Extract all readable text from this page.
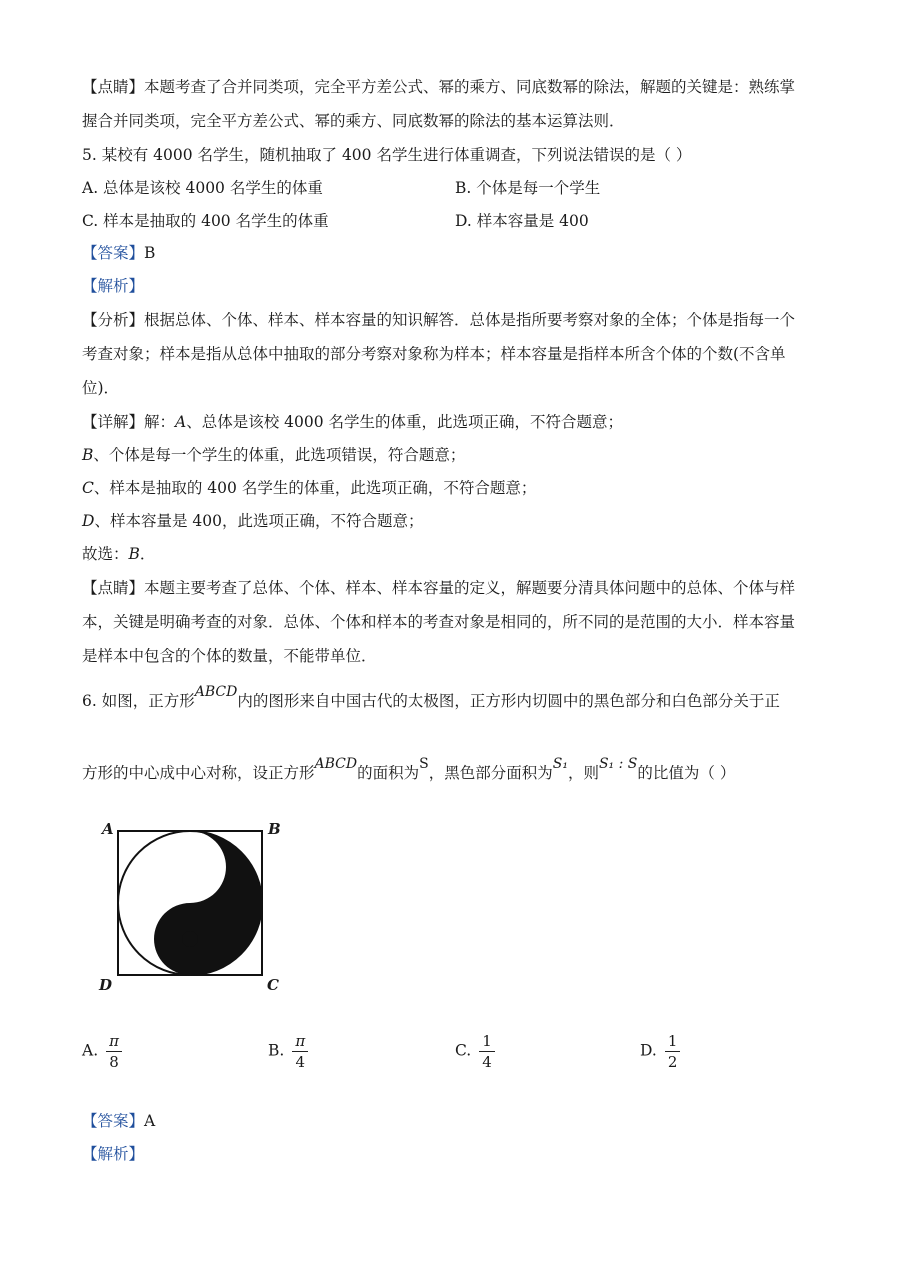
【点睛】本题考查了合并同类项，完全平方差公式、幂的乘方、同底数幂的除法，解题的关键是：熟练掌
握合并同类项，完全平方差公式、幂的乘方、同底数幂的除法的基本运算法则．
5. 某校有 4000 名学生，随机抽取了 400 名学生进行体重调查，下列说法错误的是（ ）
A. 总体是该校 4000 名学生的体重	B. 个体是每一个学生
C. 样本是抽取的 400 名学生的体重	D. 样本容量是 400
【答案】B
【解析】
【分析】根据总体、个体、样本、样本容量的知识解答．总体是指所要考察对象的全体；个体是指每一个
考查对象；样本是指从总体中抽取的部分考察对象称为样本；样本容量是指样本所含个体的个数(不含单
位)．
【详解】解：A、总体是该校 4000 名学生的体重，此选项正确，不符合题意；
B、个体是每一个学生的体重，此选项错误，符合题意；
C、样本是抽取的 400 名学生的体重，此选项正确，不符合题意；
D、样本容量是 400，此选项正确，不符合题意；
故选：B．
【点睛】本题主要考查了总体、个体、样本、样本容量的定义，解题要分清具体问题中的总体、个体与样
本，关键是明确考查的对象．总体、个体和样本的考查对象是相同的，所不同的是范围的大小．样本容量
是样本中包含的个体的数量，不能带单位．
6. 如图，正方形ABCD内的图形来自中国古代的太极图，正方形内切圆中的黑色部分和白色部分关于正
方形的中心成中心对称，设正方形ABCD的面积为S，黑色部分面积为S₁，则S₁ : S的比值为（ ）
A	B
D	C
A. $\frac{\pi}{8}$	B. $\frac{\pi}{4}$	C. $\frac{1}{4}$	D. $\frac{1}{2}$
【答案】A
【解析】
